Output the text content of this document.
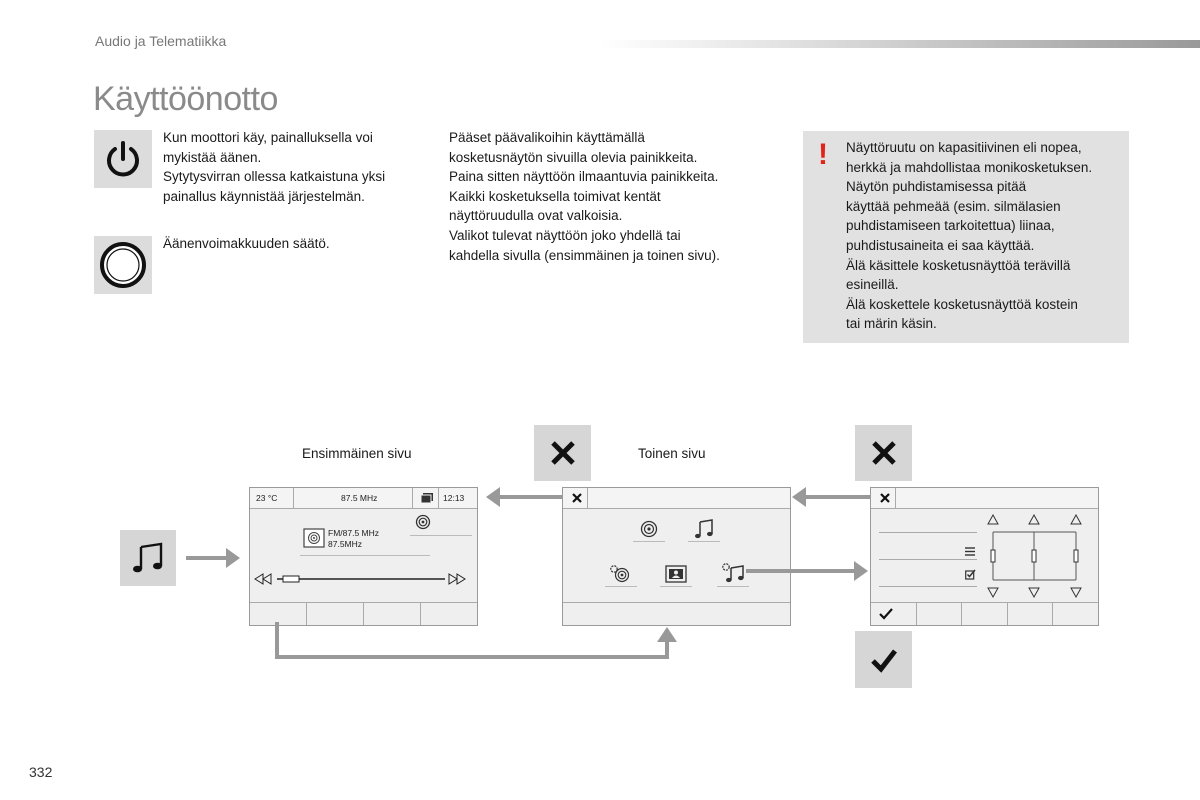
Audio ja Telematiikka
Käyttöönotto

Kun moottori käy, painalluksella voi

mykistää äänen.

Sytytysvirran ollessa katkaistuna yksi

painallus käynnistää järjestelmän.

Äänenvoimakkuuden säätö.

Pääset päävalikoihin käyttämällä

kosketusnäytön sivuilla olevia painikkeita.

Paina sitten näyttöön ilmaantuvia painikkeita.

Kaikki kosketuksella toimivat kentät

näyttöruudulla ovat valkoisia.

Valikot tulevat näyttöön joko yhdellä tai

kahdella sivulla (ensimmäinen ja toinen sivu).

! Näyttöruutu on kapasitiivinen eli nopea,

herkkä ja mahdollistaa monikosketuksen.

Näytön puhdistamisessa pitää

käyttää pehmeää (esim. silmälasien

puhdistamiseen tarkoitettua) liinaa,

puhdistusaineita ei saa käyttää.

Älä käsittele kosketusnäyttöä terävillä

esineillä.

Älä koskettele kosketusnäyttöä kostein

tai märin käsin.

Ensimmäinen sivu	Toinen sivu
23 °C	87.5 MHz	12:13
FM/87.5 MHz
87.5MHz
332
